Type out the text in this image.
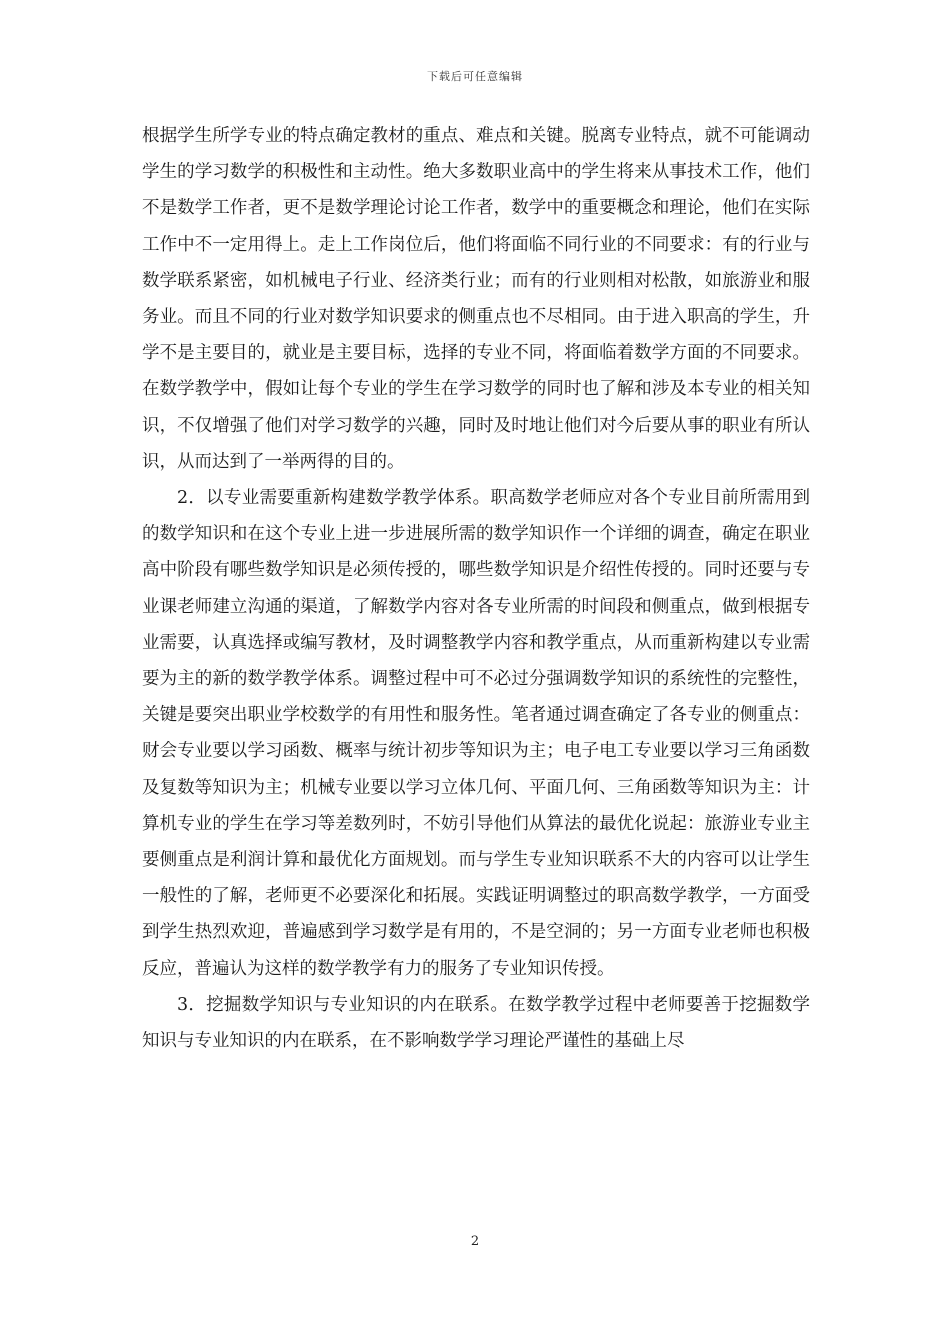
下载后可任意编辑

根据学生所学专业的特点确定教材的重点、难点和关键。脱离专业特点，就不可能调动学生的学习数学的积极性和主动性。绝大多数职业高中的学生将来从事技术工作，他们不是数学工作者，更不是数学理论讨论工作者，数学中的重要概念和理论，他们在实际工作中不一定用得上。走上工作岗位后，他们将面临不同行业的不同要求：有的行业与数学联系紧密，如机械电子行业、经济类行业；而有的行业则相对松散，如旅游业和服务业。而且不同的行业对数学知识要求的侧重点也不尽相同。由于进入职高的学生，升学不是主要目的，就业是主要目标，选择的专业不同，将面临着数学方面的不同要求。在数学教学中，假如让每个专业的学生在学习数学的同时也了解和涉及本专业的相关知识，不仅增强了他们对学习数学的兴趣，同时及时地让他们对今后要从事的职业有所认识，从而达到了一举两得的目的。

2．以专业需要重新构建数学教学体系。职高数学老师应对各个专业目前所需用到的数学知识和在这个专业上进一步进展所需的数学知识作一个详细的调查，确定在职业高中阶段有哪些数学知识是必须传授的，哪些数学知识是介绍性传授的。同时还要与专业课老师建立沟通的渠道，了解数学内容对各专业所需的时间段和侧重点，做到根据专业需要，认真选择或编写教材，及时调整教学内容和教学重点，从而重新构建以专业需要为主的新的数学教学体系。调整过程中可不必过分强调数学知识的系统性的完整性，关键是要突出职业学校数学的有用性和服务性。笔者通过调查确定了各专业的侧重点：财会专业要以学习函数、概率与统计初步等知识为主；电子电工专业要以学习三角函数及复数等知识为主；机械专业要以学习立体几何、平面几何、三角函数等知识为主：计算机专业的学生在学习等差数列时，不妨引导他们从算法的最优化说起：旅游业专业主要侧重点是利润计算和最优化方面规划。而与学生专业知识联系不大的内容可以让学生一般性的了解，老师更不必要深化和拓展。实践证明调整过的职高数学教学，一方面受到学生热烈欢迎，普遍感到学习数学是有用的，不是空洞的；另一方面专业老师也积极反应，普遍认为这样的数学教学有力的服务了专业知识传授。

3．挖掘数学知识与专业知识的内在联系。在数学教学过程中老师要善于挖掘数学知识与专业知识的内在联系，在不影响数学学习理论严谨性的基础上尽

2
